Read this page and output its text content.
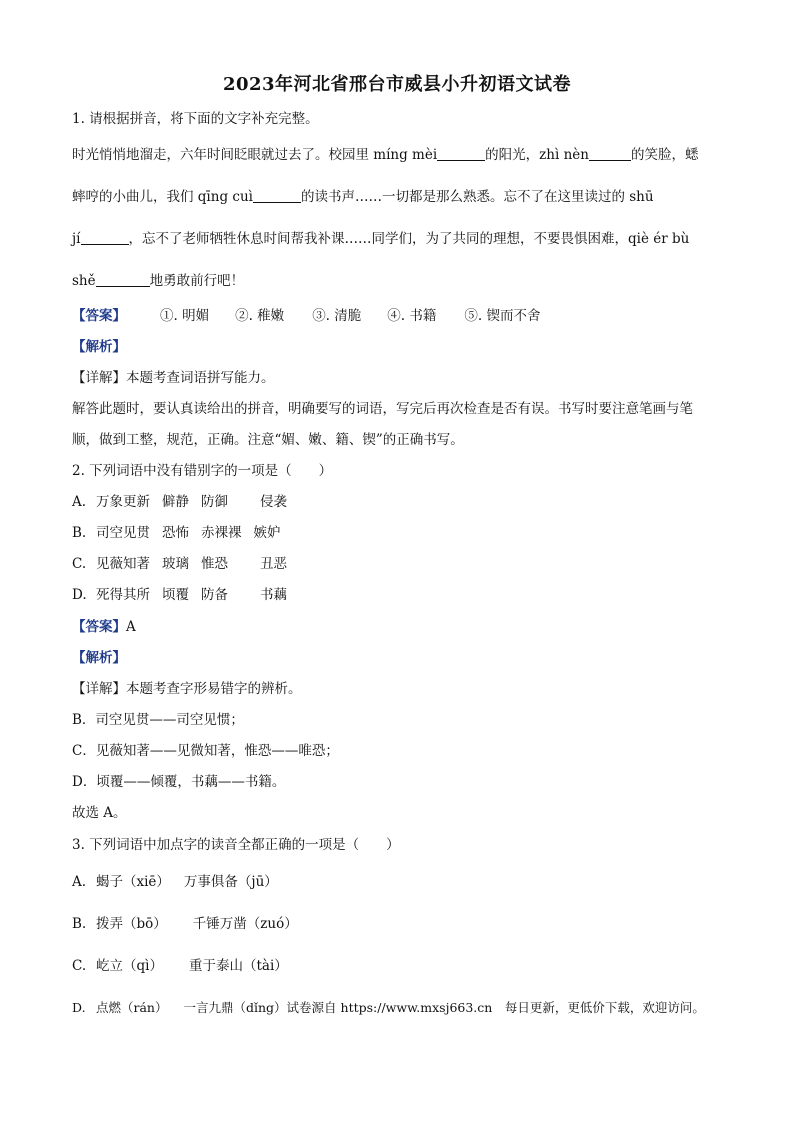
2023年河北省邢台市威县小升初语文试卷
1. 请根据拼音，将下面的文字补充完整。
时光悄悄地溜走，六年时间眨眼就过去了。校园里 míng mèi	的阳光，zhì nèn	的笑脸，蟋
蟀哼的小曲儿，我们 qīng cuì	的读书声……一切都是那么熟悉。忘不了在这里读过的 shū
jí	，忘不了老师牺牲休息时间帮我补课……同学们，为了共同的理想，不要畏惧困难，qiè ér bù
shě	地勇敢前行吧！
【答案】	①. 明媚 ②. 稚嫩 ③. 清脆 ④. 书籍 ⑤. 锲而不舍
【解析】
【详解】本题考查词语拼写能力。
解答此题时，要认真读给出的拼音，明确要写的词语，写完后再次检查是否有误。书写时要注意笔画与笔
顺，做到工整，规范，正确。注意“媚、嫩、籍、锲”的正确书写。
2. 下列词语中没有错别字的一项是（　　）
A. 万象更新 僻静 防御 侵袭
B. 司空见贯 恐怖 赤裸裸 嫉妒
C. 见薇知著 玻璃 惟恐 丑恶
D. 死得其所 顷覆 防备 书藕
【答案】A
【解析】
【详解】本题考查字形易错字的辨析。
B．司空见贯——司空见惯；
C．见薇知著——见微知著，惟恐——唯恐；
D．顷覆——倾覆，书藕——书籍。
故选 A。
3. 下列词语中加点字的读音全都正确的一项是（　　）
A. 蝎子（xiē） 万事俱备（jū）
B. 拨弄（bō） 千锤万凿（zuó）
C. 屹立（qì） 重于泰山（tài）
D. 点燃（rán） 一言九鼎（dǐng）试卷源自 https://www.mxsj663.cn　每日更新，更低价下载，欢迎访问。
